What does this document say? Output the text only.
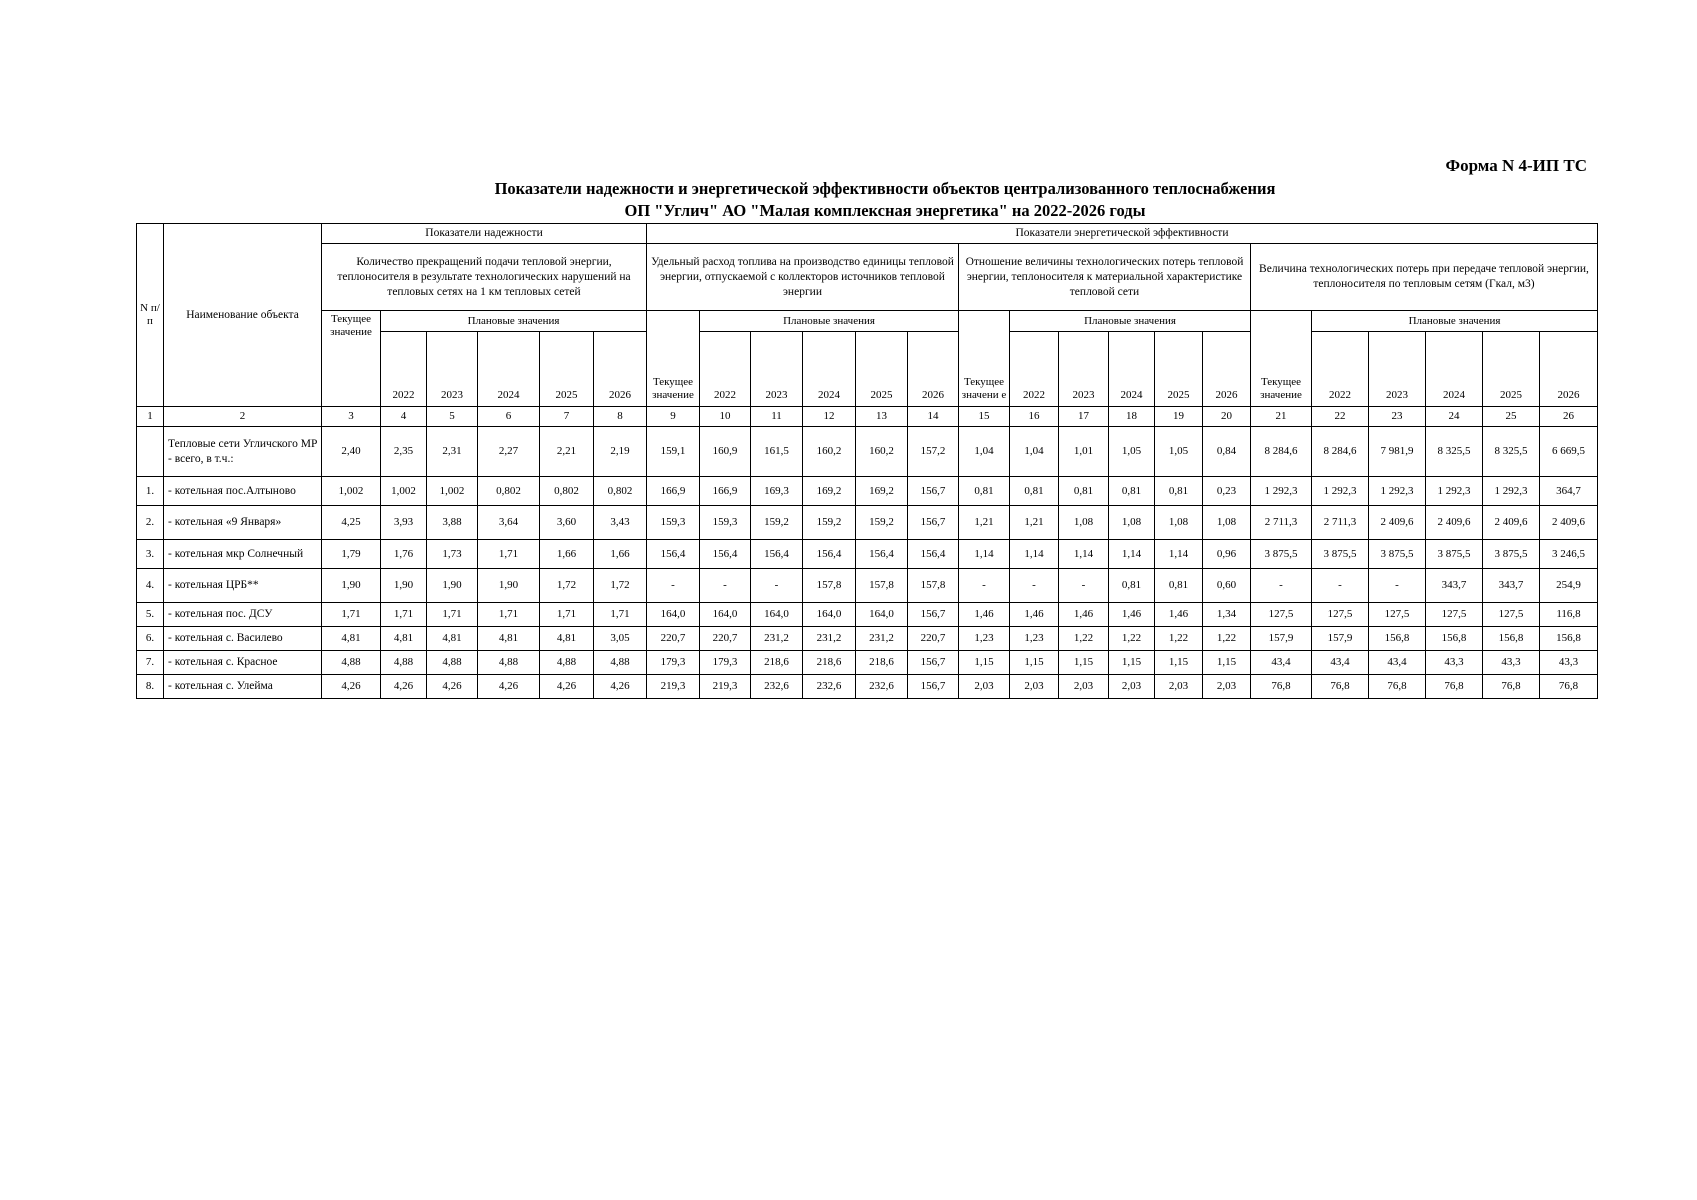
Форма N 4-ИП ТС
Показатели надежности и энергетической эффективности объектов централизованного теплоснабжения
ОП "Углич" АО "Малая комплексная энергетика" на 2022-2026 годы
N п/п	Наименование объекта	Показатели надежности						Показатели энергетической эффективности																	
		Количество прекращений подачи тепловой энергии, теплоносителя в результате технологических нарушений на тепловых сетях на 1 км тепловых сетей						Удельный расход топлива на производство единицы тепловой энергии, отпускаемой с коллекторов источников тепловой энергии						Отношение величины технологических потерь тепловой энергии, теплоносителя к материальной характеристике тепловой сети						Величина технологических потерь при передаче тепловой энергии, теплоносителя по тепловым сетям (Гкал, м3)					
		Текущее значение	Плановые значения					Текущее значение	Плановые значения					Текущее значени е	Плановые значения					Текущее значение	Плановые значения				
			2022	2023	2024	2025	2026		2022	2023	2024	2025	2026		2022	2023	2024	2025	2026		2022	2023	2024	2025	2026
1	2	3	4	5	6	7	8	9	10	11	12	13	14	15	16	17	18	19	20	21	22	23	24	25	26
	Тепловые сети Угличского МР - всего, в т.ч.:	2,40	2,35	2,31	2,27	2,21	2,19	159,1	160,9	161,5	160,2	160,2	157,2	1,04	1,04	1,01	1,05	1,05	0,84	8 284,6	8 284,6	7 981,9	8 325,5	8 325,5	6 669,5
1.	- котельная пос.Алтыново	1,002	1,002	1,002	0,802	0,802	0,802	166,9	166,9	169,3	169,2	169,2	156,7	0,81	0,81	0,81	0,81	0,81	0,23	1 292,3	1 292,3	1 292,3	1 292,3	1 292,3	364,7
2.	- котельная «9 Января»	4,25	3,93	3,88	3,64	3,60	3,43	159,3	159,3	159,2	159,2	159,2	156,7	1,21	1,21	1,08	1,08	1,08	1,08	2 711,3	2 711,3	2 409,6	2 409,6	2 409,6	2 409,6
3.	- котельная мкр Солнечный	1,79	1,76	1,73	1,71	1,66	1,66	156,4	156,4	156,4	156,4	156,4	156,4	1,14	1,14	1,14	1,14	1,14	0,96	3 875,5	3 875,5	3 875,5	3 875,5	3 875,5	3 246,5
4.	- котельная ЦРБ**	1,90	1,90	1,90	1,90	1,72	1,72	-	-	-	157,8	157,8	157,8	-	-	-	0,81	0,81	0,60	-	-	-	343,7	343,7	254,9
5.	- котельная пос. ДСУ	1,71	1,71	1,71	1,71	1,71	1,71	164,0	164,0	164,0	164,0	164,0	156,7	1,46	1,46	1,46	1,46	1,46	1,34	127,5	127,5	127,5	127,5	127,5	116,8
6.	- котельная с. Василево	4,81	4,81	4,81	4,81	4,81	3,05	220,7	220,7	231,2	231,2	231,2	220,7	1,23	1,23	1,22	1,22	1,22	1,22	157,9	157,9	156,8	156,8	156,8	156,8
7.	- котельная с. Красное	4,88	4,88	4,88	4,88	4,88	4,88	179,3	179,3	218,6	218,6	218,6	156,7	1,15	1,15	1,15	1,15	1,15	1,15	43,4	43,4	43,4	43,3	43,3	43,3
8.	- котельная с. Улейма	4,26	4,26	4,26	4,26	4,26	4,26	219,3	219,3	232,6	232,6	232,6	156,7	2,03	2,03	2,03	2,03	2,03	2,03	76,8	76,8	76,8	76,8	76,8	76,8
